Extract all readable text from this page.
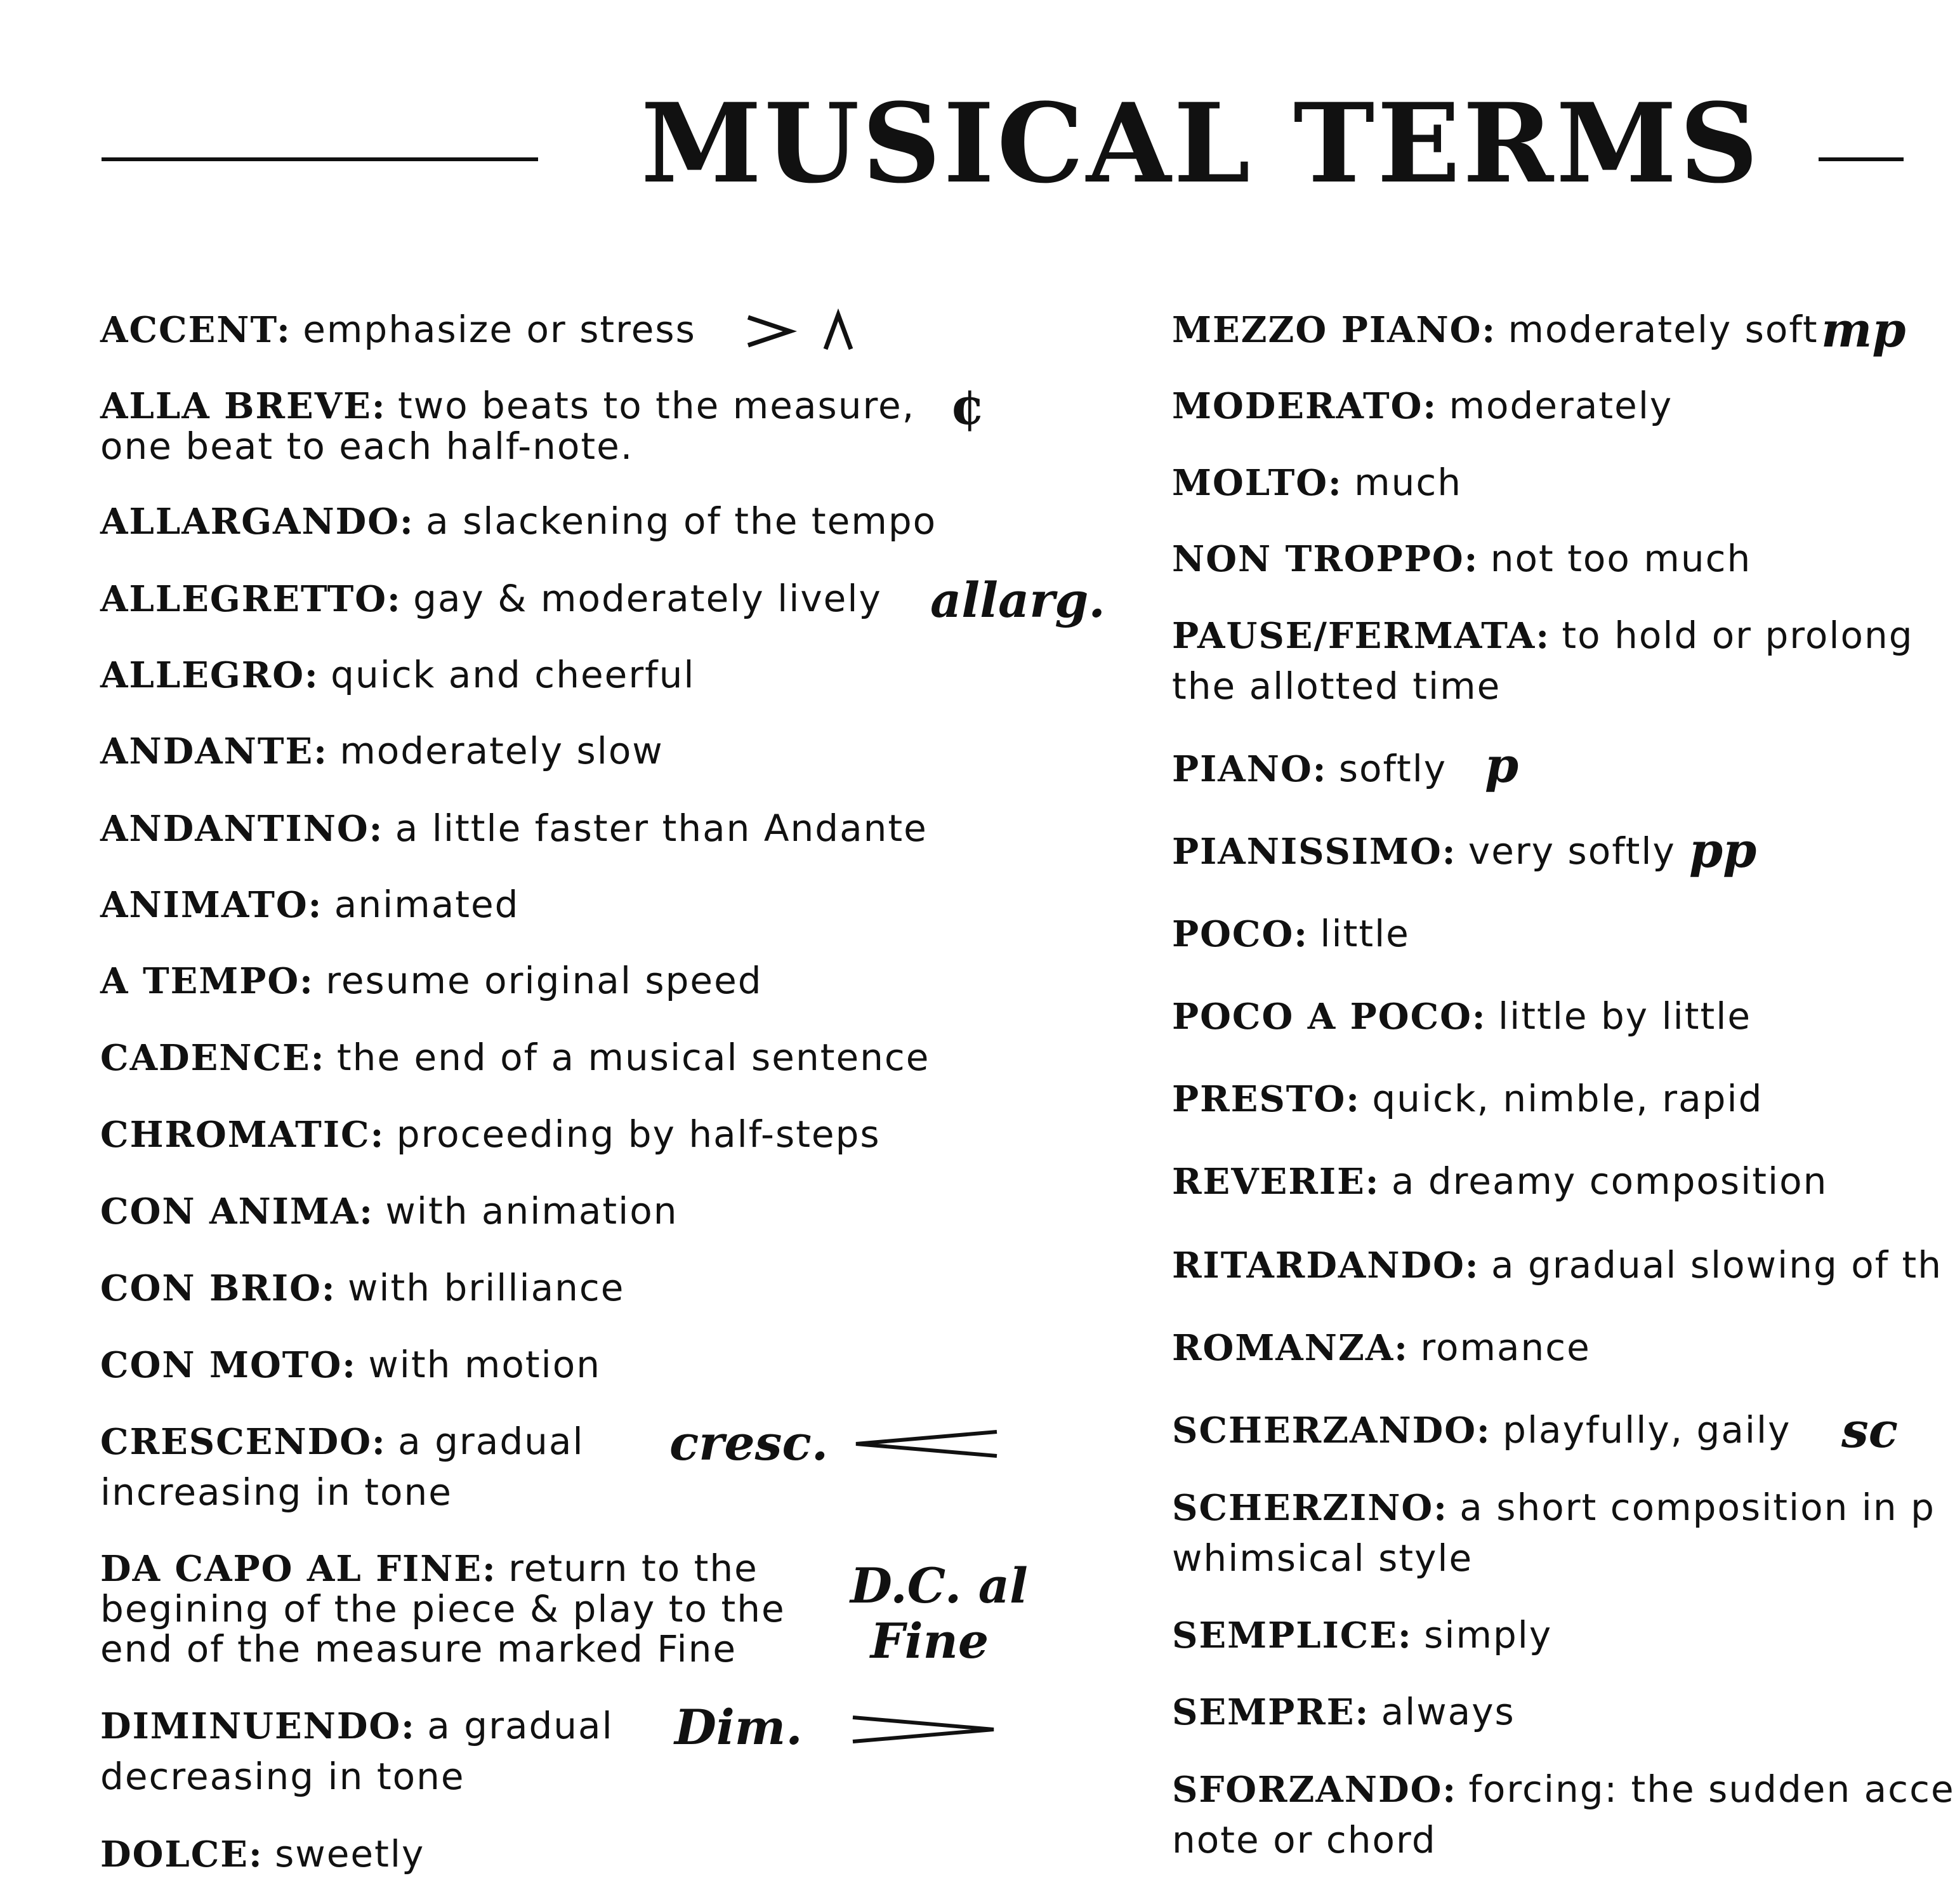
MUSICAL TERMS
ACCENT: emphasize or stress
ALLA BREVE: two beats to the measure,
one beat to each half-note.
¢
ALLARGANDO: a slackening of the tempo
ALLEGRETTO: gay & moderately lively allarg.
ALLEGRO: quick and cheerful
ANDANTE: moderately slow
ANDANTINO: a little faster than Andante
ANIMATO: animated
A TEMPO: resume original speed
CADENCE: the end of a musical sentence
CHROMATIC: proceeding by half-steps
CON ANIMA: with animation
CON BRIO: with brilliance
CON MOTO: with motion
CRESCENDO: a gradual
increasing in tone
cresc.
DA CAPO AL FINE: return to the
begining of the piece & play to the
end of the measure marked Fine
D.C. al
Fine
DIMINUENDO: a gradual
decreasing in tone
Dim.
DOLCE: sweetly
MEZZO PIANO: moderately soft mp
MODERATO: moderately
MOLTO: much
NON TROPPO: not too much
PAUSE/FERMATA: to hold or prolong
the allotted time
PIANO: softly p
PIANISSIMO: very softly pp
POCO: little
POCO A POCO: little by little
PRESTO: quick, nimble, rapid
REVERIE: a dreamy composition
RITARDANDO: a gradual slowing of th
ROMANZA: romance
SCHERZANDO: playfully, gaily sc
SCHERZINO: a short composition in p
whimsical style
SEMPLICE: simply
SEMPRE: always
SFORZANDO: forcing: the sudden acce
note or chord
